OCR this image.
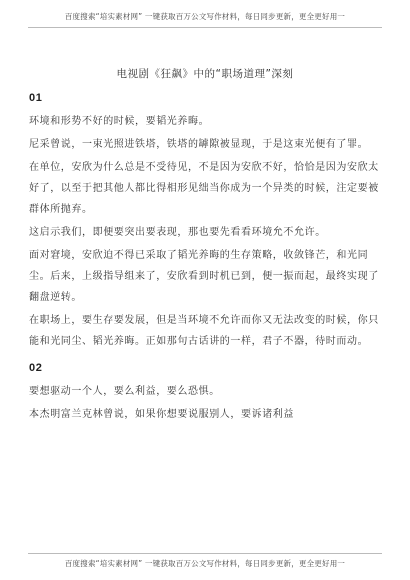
百度搜索“培实素材网” 一键获取百万公文写作材料，每日同步更新，更全更好用一
电视剧《狂飙》中的“职场道理”深刻
01

环境和形势不好的时候，要韬光养晦。

尼采曾说，一束光照进铁塔，铁塔的罅隙被显现，于是这束光便有了罪。

在单位，安欣为什么总是不受待见，不是因为安欣不好，恰恰是因为安欣太好了，以至于把其他人都比得相形见绌当你成为一个异类的时候，注定要被群体所抛弃。

这启示我们，即便要突出要表现，那也要先看看环境允不允许。

面对窘境，安欣迫不得已采取了韬光养晦的生存策略，收敛锋芒，和光同尘。后来，上级指导组来了，安欣看到时机已到，便一振而起，最终实现了翻盘逆转。

在职场上，要生存要发展，但是当环境不允许而你又无法改变的时候，你只能和光同尘、韬光养晦。正如那句古话讲的一样，君子不器，待时而动。

02

要想驱动一个人，要么利益，要么恐惧。

本杰明富兰克林曾说，如果你想要说服别人，要诉诸利益

百度搜索“培实素材网” 一键获取百万公文写作材料，每日同步更新，更全更好用一
